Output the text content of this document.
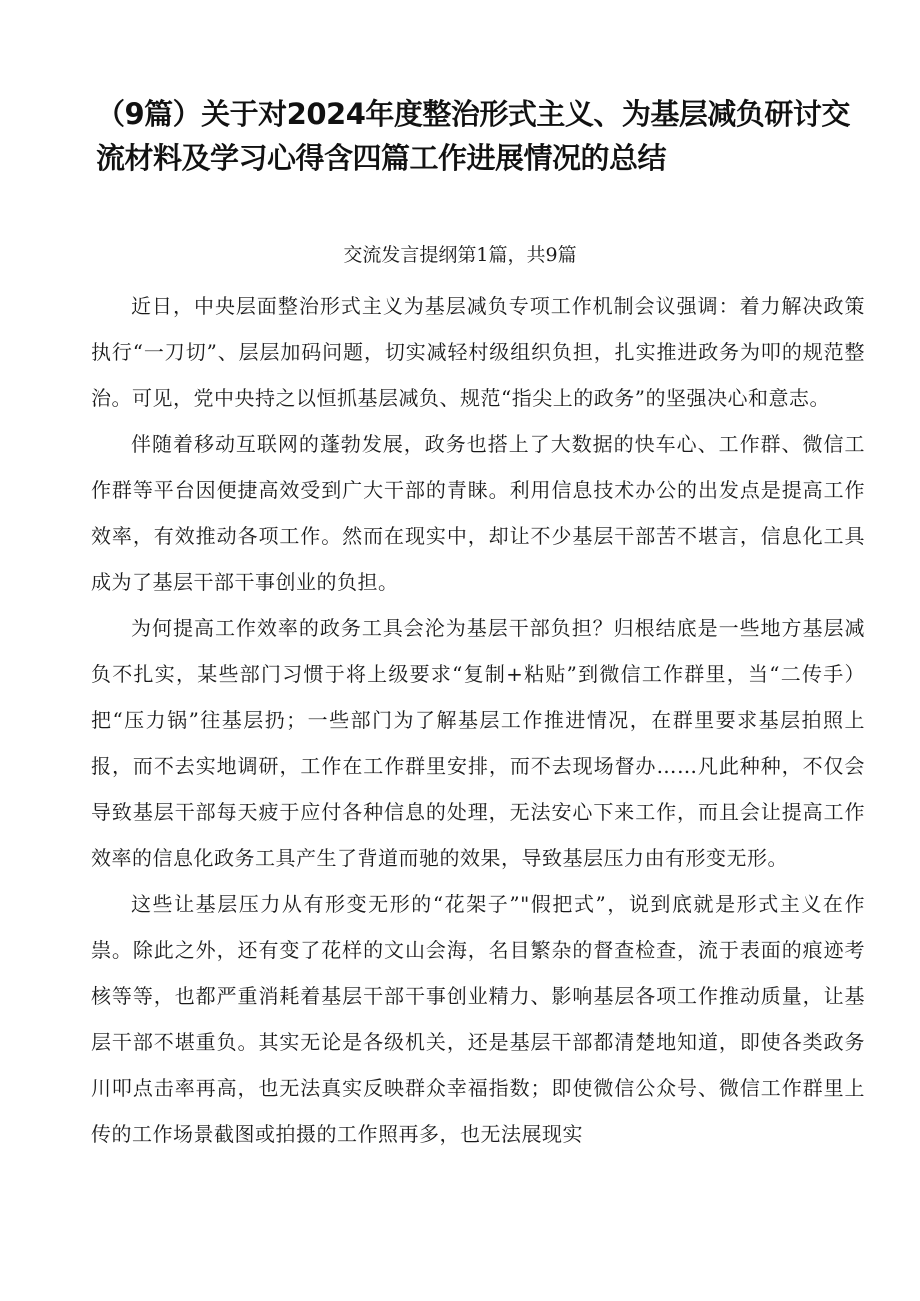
（9篇）关于对2024年度整治形式主义、为基层减负研讨交流材料及学习心得含四篇工作进展情况的总结

交流发言提纲第1篇，共9篇

近日，中央层面整治形式主义为基层减负专项工作机制会议强调：着力解决政策执行“一刀切”、层层加码问题，切实减轻村级组织负担，扎实推进政务为叩的规范整治。可见，党中央持之以恒抓基层减负、规范“指尖上的政务”的坚强决心和意志。

伴随着移动互联网的蓬勃发展，政务也搭上了大数据的快车心、工作群、微信工作群等平台因便捷高效受到广大干部的青睐。利用信息技术办公的出发点是提高工作效率，有效推动各项工作。然而在现实中，却让不少基层干部苦不堪言，信息化工具成为了基层干部干事创业的负担。

为何提高工作效率的政务工具会沦为基层干部负担？归根结底是一些地方基层减负不扎实，某些部门习惯于将上级要求“复制+粘贴”到微信工作群里，当“二传手）把“压力锅”往基层扔；一些部门为了解基层工作推进情况，在群里要求基层拍照上报，而不去实地调研，工作在工作群里安排，而不去现场督办……凡此种种，不仅会导致基层干部每天疲于应付各种信息的处理，无法安心下来工作，而且会让提高工作效率的信息化政务工具产生了背道而驰的效果，导致基层压力由有形变无形。

这些让基层压力从有形变无形的“花架子”"假把式”，说到底就是形式主义在作祟。除此之外，还有变了花样的文山会海，名目繁杂的督查检查，流于表面的痕迹考核等等，也都严重消耗着基层干部干事创业精力、影响基层各项工作推动质量，让基层干部不堪重负。其实无论是各级机关，还是基层干部都清楚地知道，即使各类政务川叩点击率再高，也无法真实反映群众幸福指数；即使微信公众号、微信工作群里上传的工作场景截图或拍摄的工作照再多，也无法展现实
